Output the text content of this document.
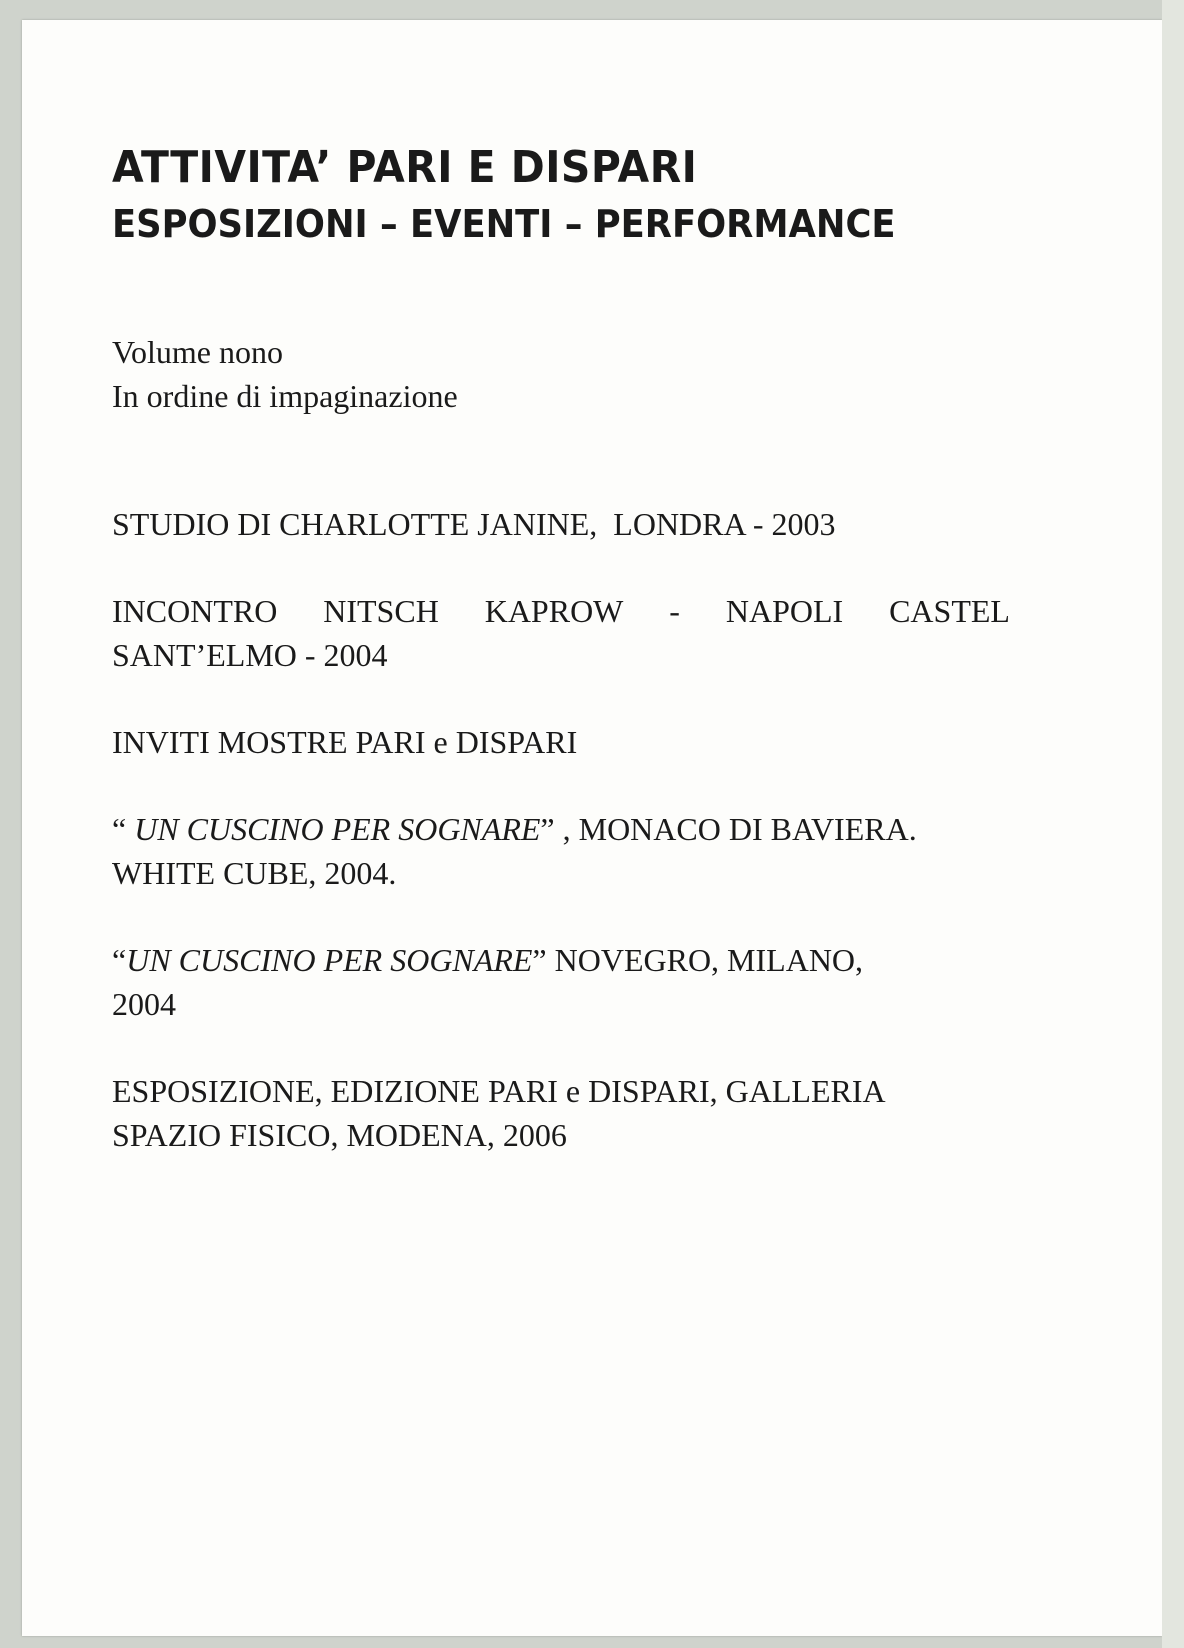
ATTIVITA’ PARI E DISPARI
ESPOSIZIONI – EVENTI – PERFORMANCE

Volume nono

In ordine di impaginazione

STUDIO DI CHARLOTTE JANINE,  LONDRA - 2003
INCONTRO NITSCH KAPROW - NAPOLI CASTEL
SANT’ELMO - 2004
INVITI MOSTRE PARI e DISPARI
“ UN CUSCINO PER SOGNARE” , MONACO DI BAVIERA.
WHITE CUBE, 2004.
“UN CUSCINO PER SOGNARE” NOVEGRO, MILANO,
2004
ESPOSIZIONE, EDIZIONE PARI e DISPARI, GALLERIA
SPAZIO FISICO, MODENA, 2006
